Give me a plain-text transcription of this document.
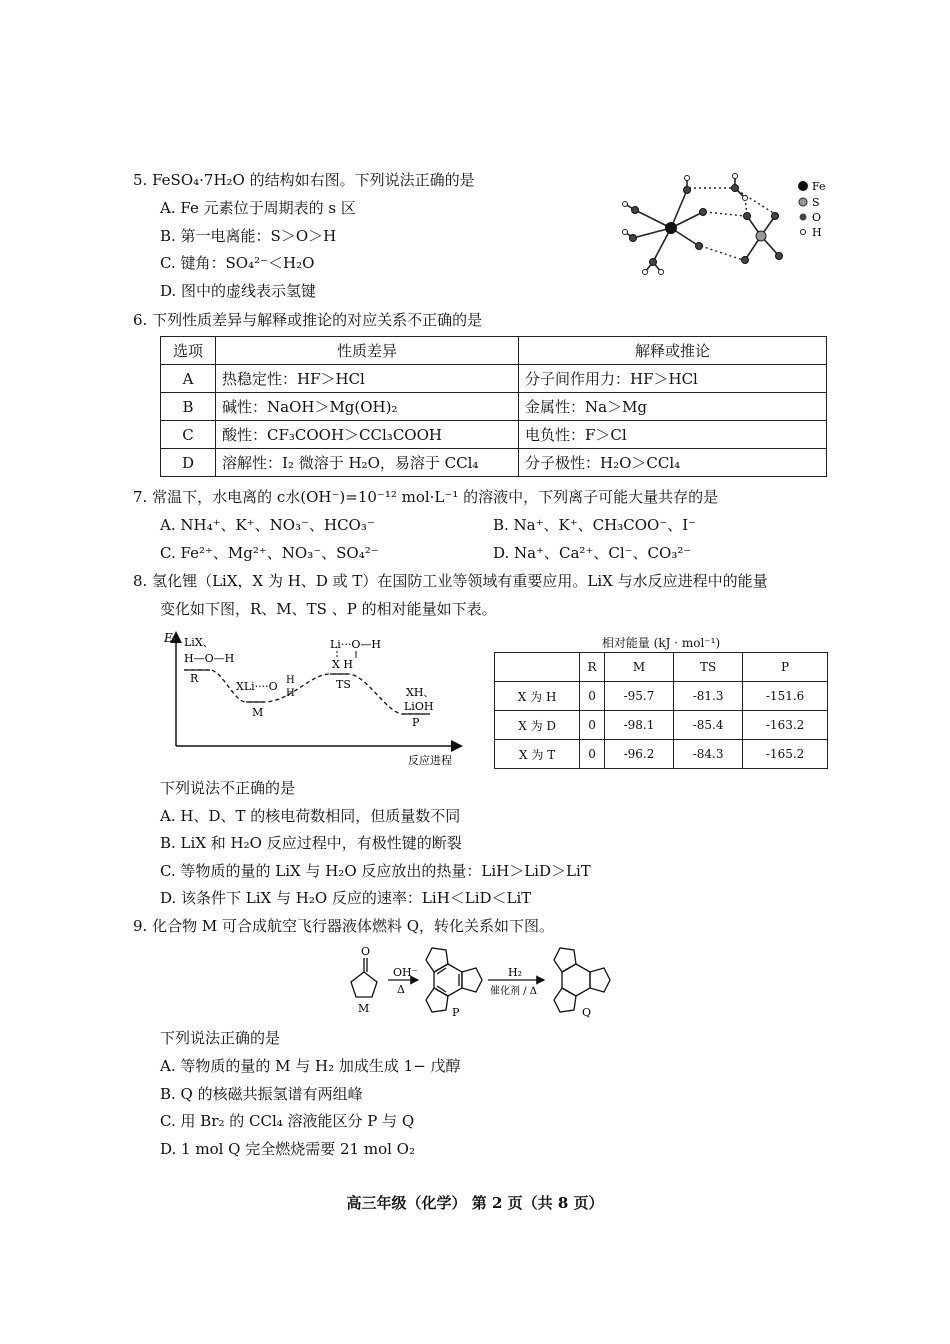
5. FeSO₄·7H₂O 的结构如右图。下列说法正确的是
A. Fe 元素位于周期表的 s 区
B. 第一电离能：S＞O＞H
C. 键角：SO₄²⁻＜H₂O
D. 图中的虚线表示氢键
Fe
S
O
H
6. 下列性质差异与解释或推论的对应关系不正确的是
选项	性质差异	解释或推论
A	热稳定性：HF＞HCl	分子间作用力：HF＞HCl
B	碱性：NaOH＞Mg(OH)₂	金属性：Na＞Mg
C	酸性：CF₃COOH＞CCl₃COOH	电负性：F＞Cl
D	溶解性：I₂ 微溶于 H₂O，易溶于 CCl₄	分子极性：H₂O＞CCl₄
7. 常温下，水电离的 c水(OH⁻)=10⁻¹² mol·L⁻¹ 的溶液中，下列离子可能大量共存的是
A. NH₄⁺、K⁺、NO₃⁻、HCO₃⁻	B. Na⁺、K⁺、CH₃COO⁻、I⁻
C. Fe²⁺、Mg²⁺、NO₃⁻、SO₄²⁻	D. Na⁺、Ca²⁺、Cl⁻、CO₃²⁻
8. 氢化锂（LiX，X 为 H、D 或 T）在国防工业等领域有重要应用。LiX 与水反应进程中的能量
变化如下图，R、M、TS 、P 的相对能量如下表。
E
反应进程
LiX、
H—O—H
R
XLi····O H
H
M
Li···O—H
X H
TS
XH、
LiOH
P
相对能量 (kJ · mol⁻¹)
	R	M	TS	P
X 为 H	0	-95.7	-81.3	-151.6
X 为 D	0	-98.1	-85.4	-163.2
X 为 T	0	-96.2	-84.3	-165.2
下列说法不正确的是
A. H、D、T 的核电荷数相同，但质量数不同
B. LiX 和 H₂O 反应过程中，有极性键的断裂
C. 等物质的量的 LiX 与 H₂O 反应放出的热量：LiH＞LiD＞LiT
D. 该条件下 LiX 与 H₂O 反应的速率：LiH＜LiD＜LiT
9. 化合物 M 可合成航空飞行器液体燃料 Q，转化关系如下图。
O
M
OH⁻
Δ
P
H₂
催化剂 / Δ
Q
下列说法正确的是
A. 等物质的量的 M 与 H₂ 加成生成 1− 戊醇
B. Q 的核磁共振氢谱有两组峰
C. 用 Br₂ 的 CCl₄ 溶液能区分 P 与 Q
D. 1 mol Q 完全燃烧需要 21 mol O₂
高三年级（化学） 第 2 页（共 8 页）
